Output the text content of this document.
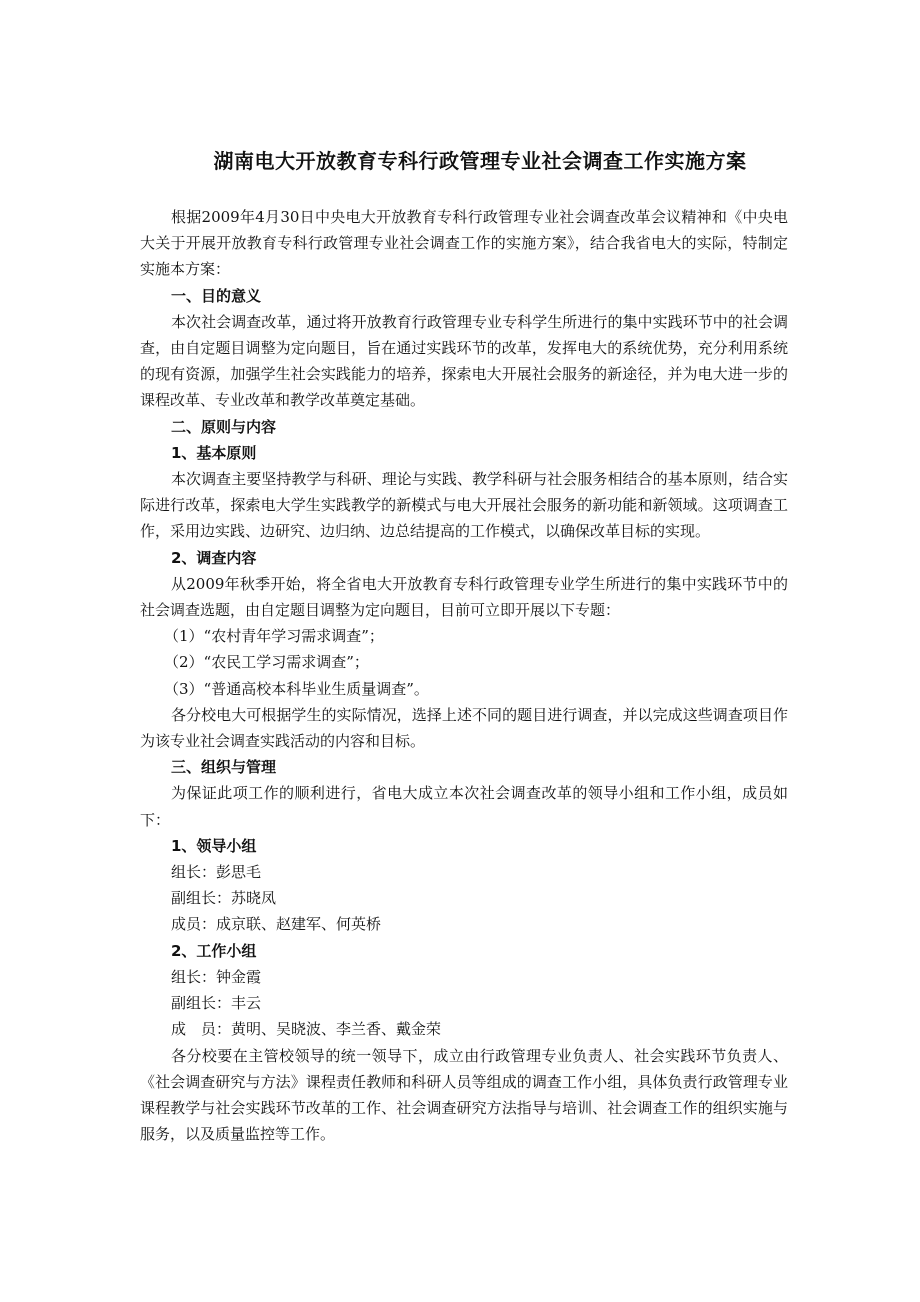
湖南电大开放教育专科行政管理专业社会调查工作实施方案

根据2009年4月30日中央电大开放教育专科行政管理专业社会调查改革会议精神和《中央电大关于开展开放教育专科行政管理专业社会调查工作的实施方案》，结合我省电大的实际，特制定实施本方案：

一、目的意义

本次社会调查改革，通过将开放教育行政管理专业专科学生所进行的集中实践环节中的社会调查，由自定题目调整为定向题目，旨在通过实践环节的改革，发挥电大的系统优势，充分利用系统的现有资源，加强学生社会实践能力的培养，探索电大开展社会服务的新途径，并为电大进一步的课程改革、专业改革和教学改革奠定基础。

二、原则与内容

1、基本原则

本次调查主要坚持教学与科研、理论与实践、教学科研与社会服务相结合的基本原则，结合实际进行改革，探索电大学生实践教学的新模式与电大开展社会服务的新功能和新领域。这项调查工作，采用边实践、边研究、边归纳、边总结提高的工作模式，以确保改革目标的实现。

2、调查内容

从2009年秋季开始，将全省电大开放教育专科行政管理专业学生所进行的集中实践环节中的社会调查选题，由自定题目调整为定向题目，目前可立即开展以下专题：

（1）“农村青年学习需求调查”；

（2）“农民工学习需求调查”；

（3）“普通高校本科毕业生质量调查”。

各分校电大可根据学生的实际情况，选择上述不同的题目进行调查，并以完成这些调查项目作为该专业社会调查实践活动的内容和目标。

三、组织与管理

为保证此项工作的顺利进行，省电大成立本次社会调查改革的领导小组和工作小组，成员如下：

1、领导小组

组长：彭思毛

副组长：苏晓凤

成员：成京联、赵建军、何英桥

2、工作小组

组长：钟金霞

副组长：丰云

成　员：黄明、吴晓波、李兰香、戴金荣

各分校要在主管校领导的统一领导下，成立由行政管理专业负责人、社会实践环节负责人、《社会调查研究与方法》课程责任教师和科研人员等组成的调查工作小组，具体负责行政管理专业课程教学与社会实践环节改革的工作、社会调查研究方法指导与培训、社会调查工作的组织实施与服务，以及质量监控等工作。
